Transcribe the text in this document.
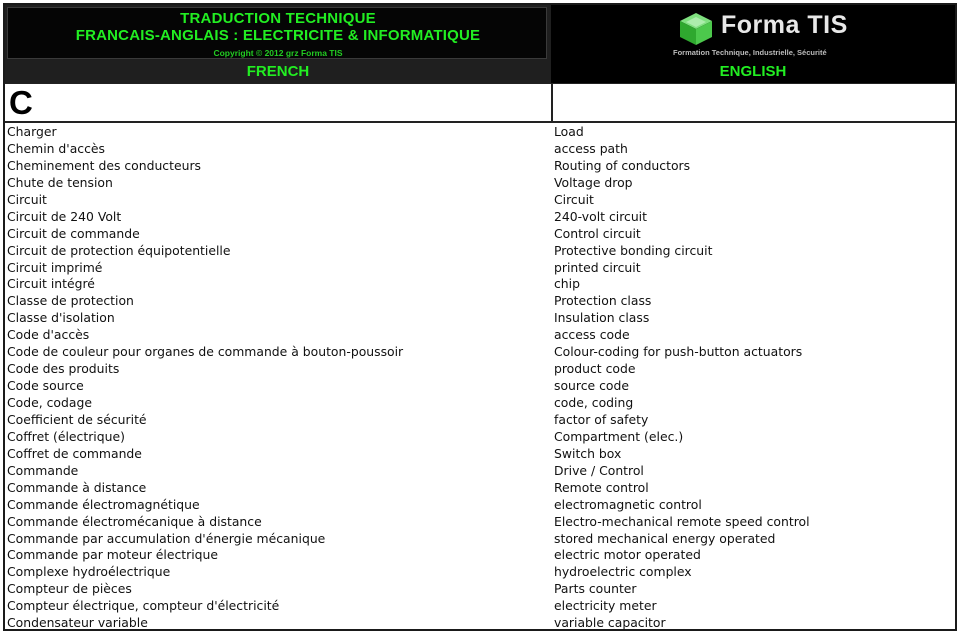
TRADUCTION TECHNIQUE
FRANCAIS-ANGLAIS : ELECTRICITE & INFORMATIQUE
Copyright © 2012 grz Forma TIS
FRENCH
Forma TIS
Formation Technique, Industrielle, Sécurité
ENGLISH
C
Charger	Load
Chemin d'accès	access path
Cheminement des conducteurs	Routing of conductors
Chute de tension	Voltage drop
Circuit	Circuit
Circuit de 240 Volt	240-volt circuit
Circuit de commande	Control circuit
Circuit de protection équipotentielle	Protective bonding circuit
Circuit imprimé	printed circuit
Circuit intégré	chip
Classe de protection	Protection class
Classe d'isolation	Insulation class
Code d'accès	access code
Code de couleur pour organes de commande à bouton-poussoir	Colour-coding for push-button actuators
Code des produits	product code
Code source	source code
Code, codage	code, coding
Coefficient de sécurité	factor of safety
Coffret (électrique)	Compartment (elec.)
Coffret de commande	Switch box
Commande	Drive / Control
Commande à distance	Remote control
Commande électromagnétique	electromagnetic control
Commande électromécanique à distance	Electro-mechanical remote speed control
Commande par accumulation d'énergie mécanique	stored mechanical energy operated
Commande par moteur électrique	electric motor operated
Complexe hydroélectrique	hydroelectric complex
Compteur de pièces	Parts counter
Compteur électrique, compteur d'électricité	electricity meter
Condensateur variable	variable capacitor
